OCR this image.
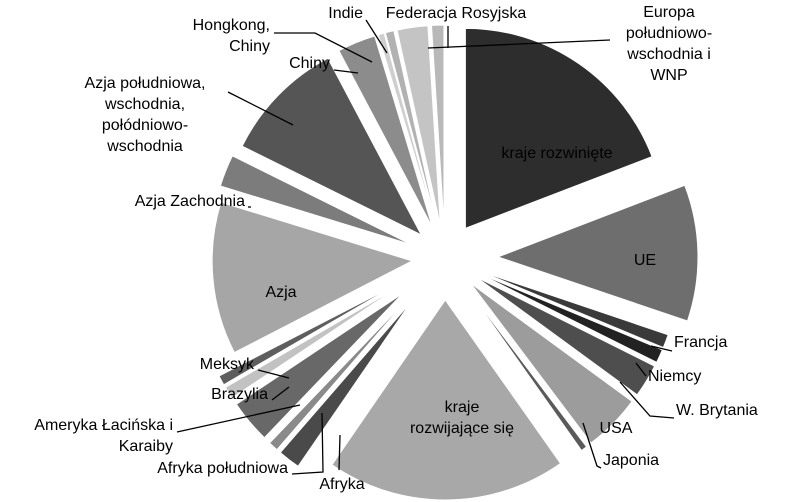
kraje rozwinięte
UE
Francja
Niemcy
W. Brytania
USA
Japonia
kraje rozwijające się
Afryka
Afryka południowa
Ameryka Łacińska i Karaiby
Brazylia
Meksyk
Azja
Azja Zachodnia
Azja południowa, wschodnia, połódniowo-wschodnia
Chiny
Hongkong, Chiny
Indie Federacja Rosyjska	Europa południowo-wschodnia i WNP
